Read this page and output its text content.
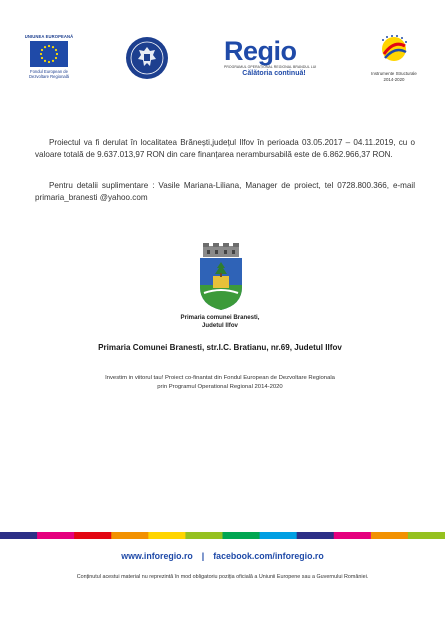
UNIUNEA EUROPEANĂ
Fondul European de
Dezvoltare Regională
Regio
PROGRAMUL OPERAȚIONAL REGIONAL BRANDUL LUI
Călătoria continuă!	Instrumente Structurale
2014-2020
Proiectul va fi derulat în localitatea Brănești,județul Ilfov în perioada 03.05.2017 – 04.11.2019, cu o valoare totală de 9.637.013,97 RON din care finanțarea nerambursabilă este de 6.862.966,37 RON.
Pentru detalii suplimentare : Vasile Mariana-Liliana, Manager de proiect, tel 0728.800.366, e-mail primaria_branesti @yahoo.com
Primaria comunei Branesti,
Judetul Ilfov
Primaria Comunei Branesti, str.I.C. Bratianu, nr.69, Judetul Ilfov
Investim in viitorul tau! Proiect co-finantat din Fondul European de Dezvoltare Regionala
prin Programul Operational Regional 2014-2020
www.inforegio.ro | facebook.com/inforegio.ro
Conținutul acestui material nu reprezintă în mod obligatoriu poziția oficială a Uniunii Europene sau a Guvernului României.
